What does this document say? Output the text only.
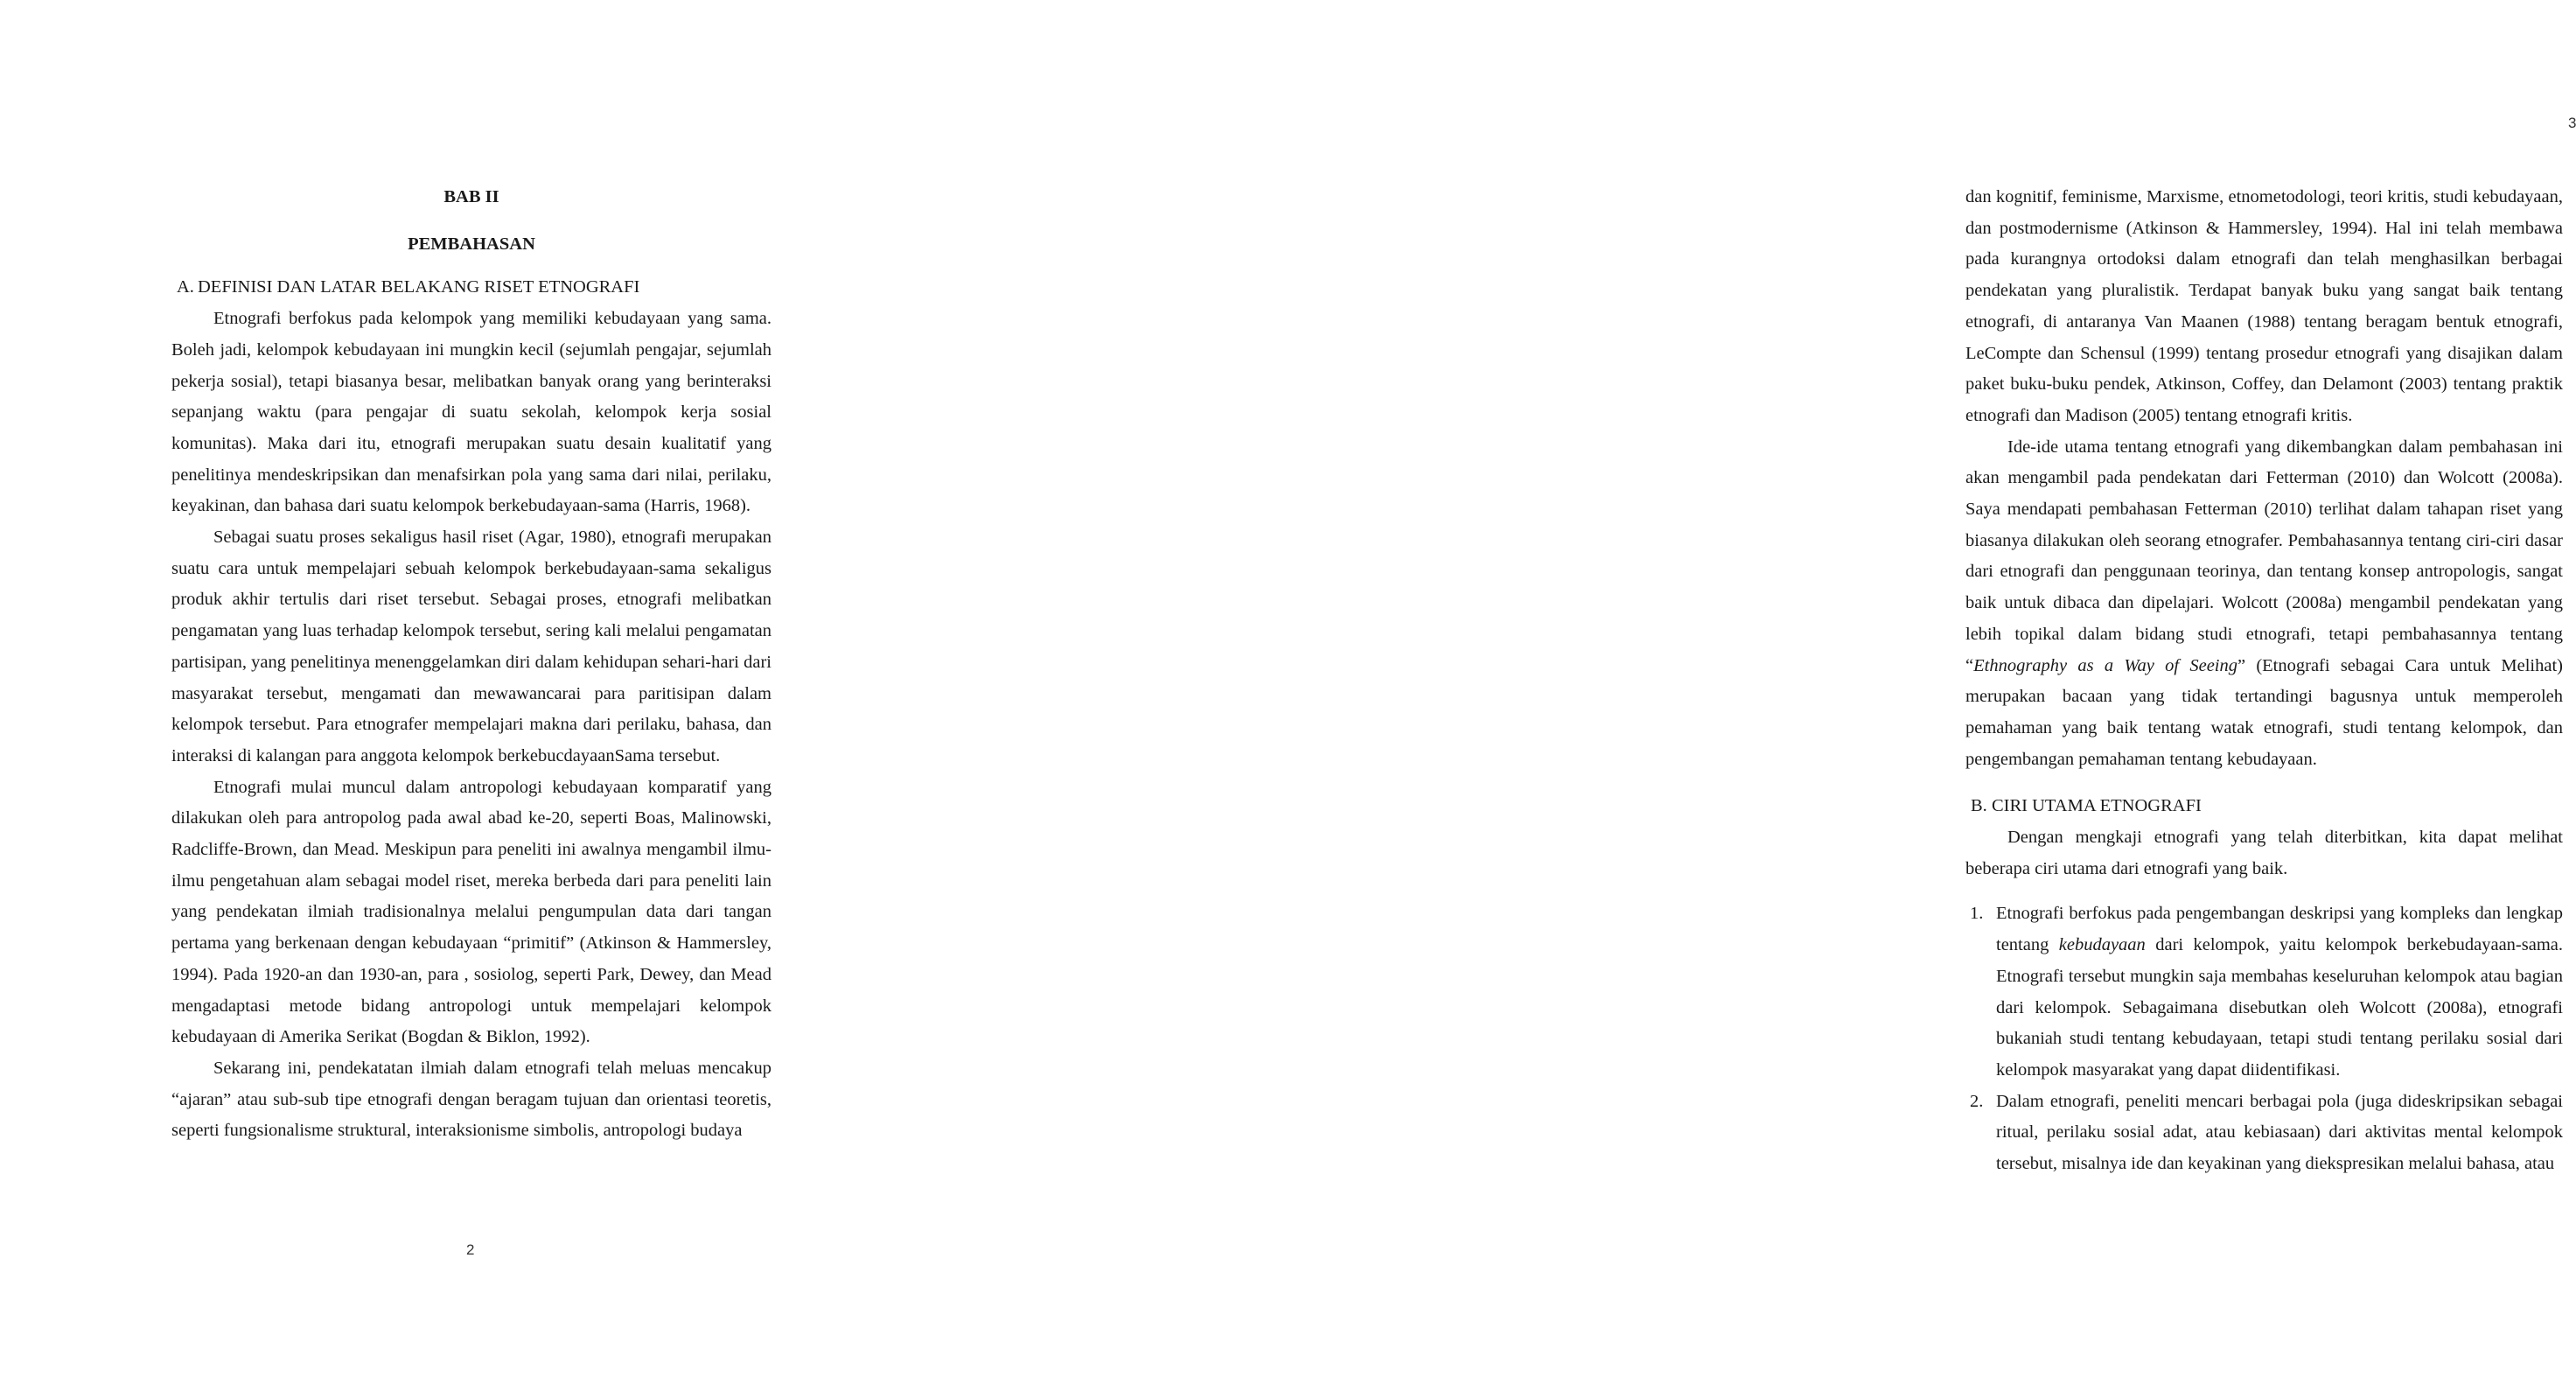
BAB II

PEMBAHASAN

A. DEFINISI DAN LATAR BELAKANG RISET ETNOGRAFI

Etnografi berfokus pada kelompok yang memiliki kebudayaan yang sama. Boleh jadi, kelompok kebudayaan ini mungkin kecil (sejumlah pengajar, sejumlah pekerja sosial), tetapi biasanya besar, melibatkan banyak orang yang berinteraksi sepanjang waktu (para pengajar di suatu sekolah, kelompok kerja sosial komunitas). Maka dari itu, etnografi merupakan suatu desain kualitatif yang penelitinya mendeskripsikan dan menafsirkan pola yang sama dari nilai, perilaku, keyakinan, dan bahasa dari suatu kelompok berkebudayaan-sama (Harris, 1968).

Sebagai suatu proses sekaligus hasil riset (Agar, 1980), etnografi merupakan suatu cara untuk mempelajari sebuah kelompok berkebudayaan-sama sekaligus produk akhir tertulis dari riset tersebut. Sebagai proses, etnografi melibatkan pengamatan yang luas terhadap kelompok tersebut, sering kali melalui pengamatan partisipan, yang penelitinya menenggelamkan diri dalam kehidupan sehari-hari dari masyarakat tersebut, mengamati dan mewawancarai para paritisipan dalam kelompok tersebut. Para etnografer mempelajari makna dari perilaku, bahasa, dan interaksi di kalangan para anggota kelompok berkebucdayaanSama tersebut.

Etnografi mulai muncul dalam antropologi kebudayaan komparatif yang dilakukan oleh para antropolog pada awal abad ke-20, seperti Boas, Malinowski, Radcliffe-Brown, dan Mead. Meskipun para peneliti ini awalnya mengambil ilmu-ilmu pengetahuan alam sebagai model riset, mereka berbeda dari para peneliti lain yang pendekatan ilmiah tradisionalnya melalui pengumpulan data dari tangan pertama yang berkenaan dengan kebudayaan “primitif” (Atkinson & Hammersley, 1994). Pada 1920-an dan 1930-an, para , sosiolog, seperti Park, Dewey, dan Mead mengadaptasi metode bidang antropologi untuk mempelajari kelompok kebudayaan di Amerika Serikat (Bogdan & Biklon, 1992).

Sekarang ini, pendekatatan ilmiah dalam etnografi telah meluas mencakup “ajaran” atau sub-sub tipe etnografi dengan beragam tujuan dan orientasi teoretis, seperti fungsionalisme struktural, interaksionisme simbolis, antropologi budaya

2
3

dan kognitif, feminisme, Marxisme, etnometodologi, teori kritis, studi kebudayaan, dan postmodernisme (Atkinson & Hammersley, 1994). Hal ini telah membawa pada kurangnya ortodoksi dalam etnografi dan telah menghasilkan berbagai pendekatan yang pluralistik. Terdapat banyak buku yang sangat baik tentang etnografi, di antaranya Van Maanen (1988) tentang beragam bentuk etnografi, LeCompte dan Schensul (1999) tentang prosedur etnografi yang disajikan dalam paket buku-buku pendek, Atkinson, Coffey, dan Delamont (2003) tentang praktik etnografi dan Madison (2005) tentang etnografi kritis.

Ide-ide utama tentang etnografi yang dikembangkan dalam pembahasan ini akan mengambil pada pendekatan dari Fetterman (2010) dan Wolcott (2008a). Saya mendapati pembahasan Fetterman (2010) terlihat dalam tahapan riset yang biasanya dilakukan oleh seorang etnografer. Pembahasannya tentang ciri-ciri dasar dari etnografi dan penggunaan teorinya, dan tentang konsep antropologis, sangat baik untuk dibaca dan dipelajari. Wolcott (2008a) mengambil pendekatan yang lebih topikal dalam bidang studi etnografi, tetapi pembahasannya tentang “Ethnography as a Way of Seeing” (Etnografi sebagai Cara untuk Melihat) merupakan bacaan yang tidak tertandingi bagusnya untuk memperoleh pemahaman yang baik tentang watak etnografi, studi tentang kelompok, dan pengembangan pemahaman tentang kebudayaan.

B. CIRI UTAMA ETNOGRAFI

Dengan mengkaji etnografi yang telah diterbitkan, kita dapat melihat beberapa ciri utama dari etnografi yang baik.

1. Etnografi berfokus pada pengembangan deskripsi yang kompleks dan lengkap tentang kebudayaan dari kelompok, yaitu kelompok berkebudayaan-sama. Etnografi tersebut mungkin saja membahas keseluruhan kelompok atau bagian dari kelompok. Sebagaimana disebutkan oleh Wolcott (2008a), etnografi bukaniah studi tentang kebudayaan, tetapi studi tentang perilaku sosial dari kelompok masyarakat yang dapat diidentifikasi.
2. Dalam etnografi, peneliti mencari berbagai pola (juga dideskripsikan sebagai ritual, perilaku sosial adat, atau kebiasaan) dari aktivitas mental kelompok tersebut, misalnya ide dan keyakinan yang diekspresikan melalui bahasa, atau
